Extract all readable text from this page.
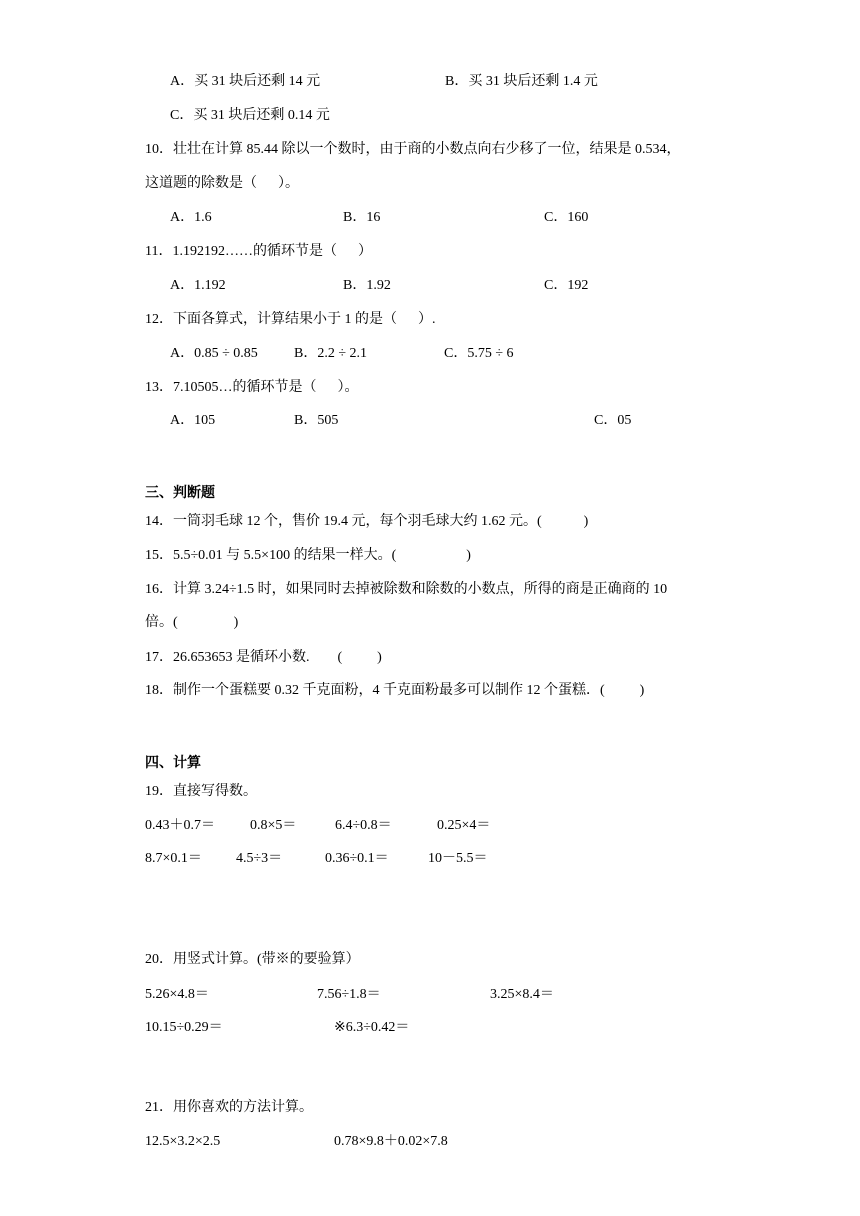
A．买 31 块后还剩 14 元	B．买 31 块后还剩 1.4 元
C．买 31 块后还剩 0.14 元
10．壮壮在计算 85.44 除以一个数时，由于商的小数点向右少移了一位，结果是 0.534，
这道题的除数是（      ）。
A．1.6	B．16	C．160
11．1.192192……的循环节是（      ）
A．1.192	B．1.92	C．192
12．下面各算式，计算结果小于 1 的是（      ）.
A．0.85 ÷ 0.85	B．2.2 ÷ 2.1	C．5.75 ÷ 6
13．7.10505…的循环节是（      ）。
A．105	B．505	C．05
三、判断题
14．一筒羽毛球 12 个，售价 19.4 元，每个羽毛球大约 1.62 元。(            )
15．5.5÷0.01 与 5.5×100 的结果一样大。(                    )
16．计算 3.24÷1.5 时，如果同时去掉被除数和除数的小数点，所得的商是正确商的 10
倍。(                )
17．26.653653 是循环小数.        (          )
18．制作一个蛋糕要 0.32 千克面粉，4 千克面粉最多可以制作 12 个蛋糕．(          )
四、计算
19．直接写得数。
0.43＋0.7＝	0.8×5＝	6.4÷0.8＝	0.25×4＝
8.7×0.1＝ 4.5÷3＝	0.36÷0.1＝	10－5.5＝
20．用竖式计算。(带※的要验算）
5.26×4.8＝	7.56÷1.8＝	3.25×8.4＝
10.15÷0.29＝	※6.3÷0.42＝
21．用你喜欢的方法计算。
12.5×3.2×2.5	0.78×9.8＋0.02×7.8
